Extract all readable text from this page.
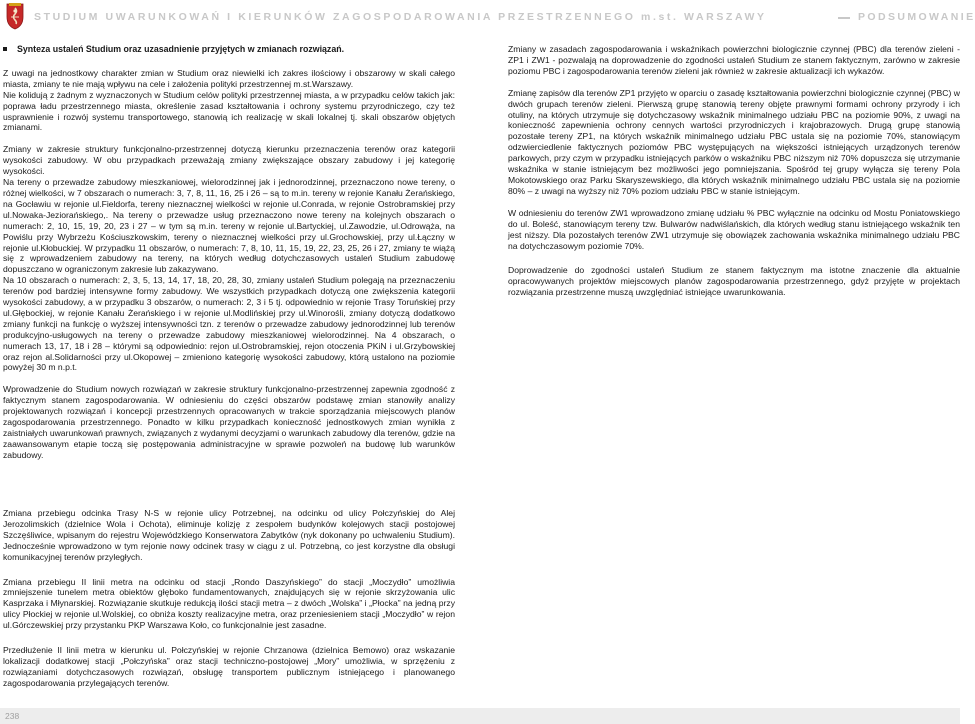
STUDIUM UWARUNKOWAŃ I KIERUNKÓW ZAGOSPODAROWANIA PRZESTRZENNEGO m.st. WARSZAWY	PODSUMOWANIE

Synteza ustaleń Studium oraz uzasadnienie przyjętych w zmianach rozwiązań.

Z uwagi na jednostkowy charakter zmian w Studium oraz niewielki ich zakres ilościowy i obszarowy w skali całego miasta, zmiany te nie mają wpływu na cele i założenia polityki przestrzennej m.st.Warszawy.

Nie kolidują z żadnym z wyznaczonych w Studium celów polityki przestrzennej miasta, a w przypadku celów takich jak: poprawa ładu przestrzennego miasta, określenie zasad kształtowania i ochrony systemu przyrodniczego, czy też usprawnienie i rozwój systemu transportowego, stanowią ich realizację w skali lokalnej tj. skali obszarów objętych zmianami.

Zmiany w zakresie struktury funkcjonalno-przestrzennej dotyczą kierunku przeznaczenia terenów oraz kategorii wysokości zabudowy. W obu przypadkach przeważają zmiany zwiększające obszary zabudowy i jej kategorię wysokości.

Na tereny o przewadze zabudowy mieszkaniowej, wielorodzinnej jak i jednorodzinnej, przeznaczono nowe tereny, o różnej wielkości, w 7 obszarach o numerach: 3, 7, 8, 11, 16, 25 i 26 – są to m.in. tereny w rejonie Kanału Żerańskiego, na Gocławiu w rejonie ul.Fieldorfa, tereny nieznacznej wielkości w rejonie ul.Conrada, w rejonie Ostrobramskiej przy ul.Nowaka-Jeziorańskiego,. Na tereny o przewadze usług przeznaczono nowe tereny na kolejnych obszarach o numerach: 2, 10, 15, 19, 20, 23 i 27 – w tym są m.in. tereny w rejonie ul.Bartyckiej, ul.Zawodzie, ul.Odrowąża, na Powiślu przy Wybrzeżu Kościuszkowskim, tereny o nieznacznej wielkości przy ul.Grochowskiej, przy ul.Łączny w rejonie ul.Kłobuckiej. W przypadku 11 obszarów, o numerach: 7, 8, 10, 11, 15, 19, 22, 23, 25, 26 i 27, zmiany te wiążą się z wprowadzeniem zabudowy na tereny, na których według dotychczasowych ustaleń Studium zabudowę dopuszczano w ograniczonym zakresie lub zakazywano.

Na 10 obszarach o numerach: 2, 3, 5, 13, 14, 17, 18, 20, 28, 30, zmiany ustaleń Studium polegają na przeznaczeniu terenów pod bardziej intensywne formy zabudowy. We wszystkich przypadkach dotyczą one zwiększenia kategorii wysokości zabudowy, a w przypadku 3 obszarów, o numerach: 2, 3 i 5 tj. odpowiednio w rejonie Trasy Toruńskiej przy ul.Głębockiej, w rejonie Kanału Żerańskiego i w rejonie ul.Modlińskiej przy ul.Winorośli, zmiany dotyczą dodatkowo zmiany funkcji na funkcję o wyższej intensywności tzn. z terenów o przewadze zabudowy jednorodzinnej lub terenów produkcyjno-usługowych na tereny o przewadze zabudowy mieszkaniowej wielorodzinnej. Na 4 obszarach, o numerach 13, 17, 18 i 28 – którymi są odpowiednio: rejon ul.Ostrobramskiej, rejon otoczenia PKiN i ul.Grzybowskiej oraz rejon al.Solidarności przy ul.Okopowej – zmieniono kategorię wysokości zabudowy, którą ustalono na poziomie powyżej 30 m n.p.t.

Wprowadzenie do Studium nowych rozwiązań w zakresie struktury funkcjonalno-przestrzennej zapewnia zgodność z faktycznym stanem zagospodarowania. W odniesieniu do części obszarów podstawę zmian stanowiły analizy projektowanych rozwiązań i koncepcji przestrzennych opracowanych w trakcie sporządzania miejscowych planów zagospodarowania przestrzennego. Ponadto w kilku przypadkach konieczność jednostkowych zmian wynikła z zaistniałych uwarunkowań prawnych, związanych z wydanymi decyzjami o warunkach zabudowy dla terenów, gdzie na zaawansowanym etapie toczą się postępowania administracyjne w sprawie pozwoleń na budowę lub warunków zabudowy.

Zmiana przebiegu odcinka Trasy N-S w rejonie ulicy Potrzebnej, na odcinku od ulicy Połczyńskiej do Alej Jerozolimskich (dzielnice Wola i Ochota), eliminuje kolizję z zespołem budynków kolejowych stacji postojowej Szczęśliwice, wpisanym do rejestru Wojewódzkiego Konserwatora Zabytków (nyk dokonany po uchwaleniu Studium). Jednocześnie wprowadzono w tym rejonie nowy odcinek trasy w ciągu z ul. Potrzebną, co jest korzystne dla obsługi komunikacyjnej terenów przyległych.

Zmiana przebiegu II linii metra na odcinku od stacji „Rondo Daszyńskiego” do stacji „Moczydło” umożliwia zmniejszenie tunelem metra obiektów głęboko fundamentowanych, znajdujących się w rejonie skrzyżowania ulic Kasprzaka i Młynarskiej. Rozwiązanie skutkuje redukcją ilości stacji metra – z dwóch „Wolska” i „Płocka” na jedną przy ulicy Płockiej w rejonie ul.Wolskiej, co obniża koszty realizacyjne metra, oraz przeniesieniem stacji „Moczydło” w rejon ul.Górczewskiej przy przystanku PKP Warszawa Koło, co funkcjonalnie jest zasadne.

Przedłużenie II linii metra w kierunku ul. Połczyńskiej w rejonie Chrzanowa (dzielnica Bemowo) oraz wskazanie lokalizacji dodatkowej stacji „Połczyńska” oraz stacji techniczno-postojowej „Mory” umożliwia, w sprzężeniu z rozwiązaniami dotychczasowych rozwiązań, obsługę transportem publicznym istniejącego i planowanego zagospodarowania przylegających terenów.

Zmiany w zasadach zagospodarowania i wskaźnikach powierzchni biologicznie czynnej (PBC) dla terenów zieleni - ZP1 i ZW1 - pozwalają na doprowadzenie do zgodności ustaleń Studium ze stanem faktycznym, zarówno w zakresie poziomu PBC i zagospodarowania terenów zieleni jak również w zakresie aktualizacji ich wykazów.

Zmianę zapisów dla terenów ZP1 przyjęto w oparciu o zasadę kształtowania powierzchni biologicznie czynnej (PBC) w dwóch grupach terenów zieleni. Pierwszą grupę stanowią tereny objęte prawnymi formami ochrony przyrody i ich otuliny, na których utrzymuje się dotychczasowy wskaźnik minimalnego udziału PBC na poziomie 90%, z uwagi na konieczność zapewnienia ochrony cennych wartości przyrodniczych i krajobrazowych. Drugą grupę stanowią pozostałe tereny ZP1, na których wskaźnik minimalnego udziału PBC ustala się na poziomie 70%, stanowiącym odzwierciedlenie faktycznych poziomów PBC występujących na większości istniejących urządzonych terenów parkowych, przy czym w przypadku istniejących parków o wskaźniku PBC niższym niż 70% dopuszcza się utrzymanie wskaźnika w stanie istniejącym bez możliwości jego pomniejszania. Spośród tej grupy wyłącza się tereny Pola Mokotowskiego oraz Parku Skaryszewskiego, dla których wskaźnik minimalnego udziału PBC ustala się na poziomie 80% – z uwagi na wyższy niż 70% poziom udziału PBC w stanie istniejącym.

W odniesieniu do terenów ZW1 wprowadzono zmianę udziału % PBC wyłącznie na odcinku od Mostu Poniatowskiego do ul. Boleść, stanowiącym tereny tzw. Bulwarów nadwiślańskich, dla których według stanu istniejącego wskaźnik ten jest niższy. Dla pozostałych terenów ZW1 utrzymuje się obowiązek zachowania wskaźnika minimalnego udziału PBC na dotychczasowym poziomie 70%.

Doprowadzenie do zgodności ustaleń Studium ze stanem faktycznym ma istotne znaczenie dla aktualnie opracowywanych projektów miejscowych planów zagospodarowania przestrzennego, gdyż przyjęte w projektach rozwiązania przestrzenne muszą uwzględniać istniejące uwarunkowania.

238
